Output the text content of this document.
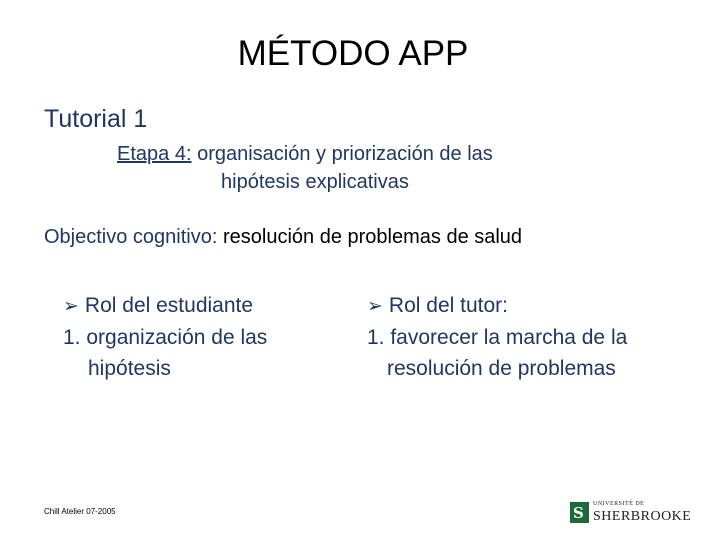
MÉTODO APP
Tutorial 1
Etapa 4: organisación y priorización de las
hipótesis explicativas
Objectivo cognitivo: resolución de problemas de salud
➢ Rol del estudiante
1. organización de las
hipótesis
➢ Rol del tutor:
1. favorecer la marcha de la
resolución de problemas
Chill Atelier 07-2005	S UNIVERSITÉ DE
SHERBROOKE
